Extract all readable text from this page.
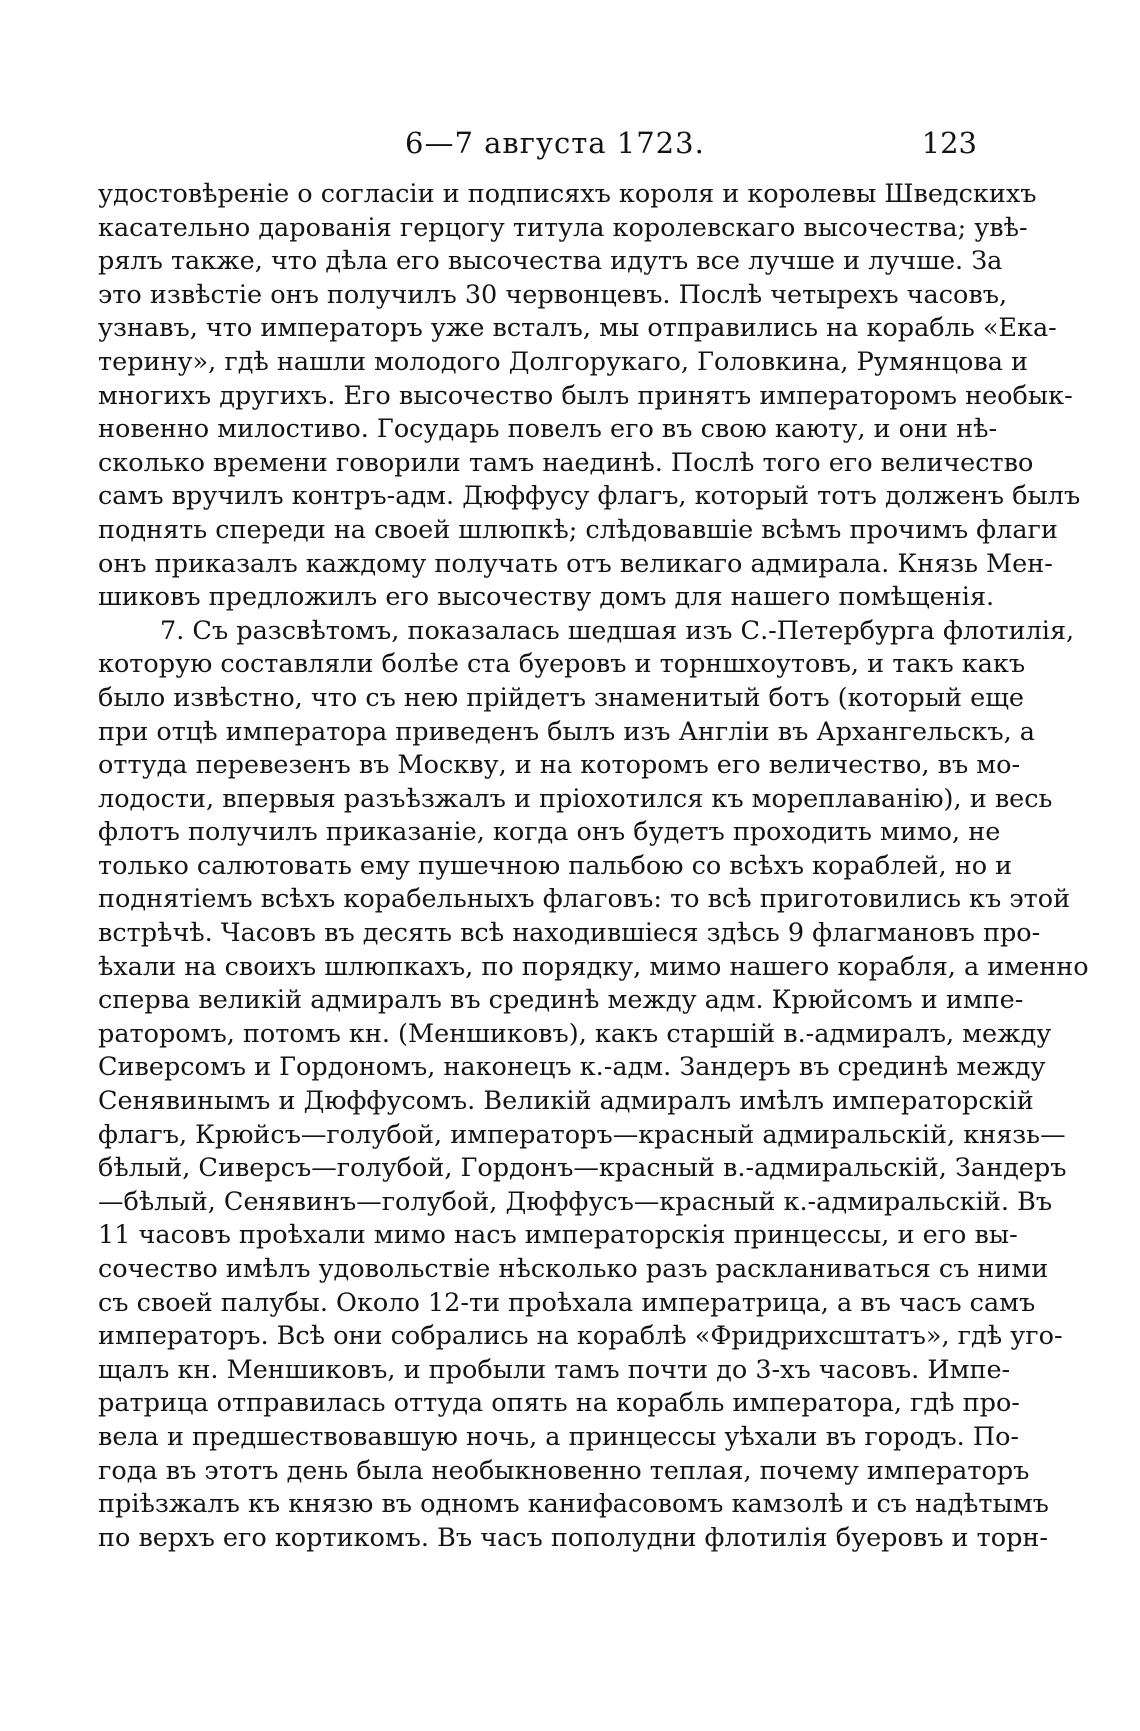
6—7 августа 1723.	123
удостовѣреніе о согласіи и подписяхъ короля и королевы Шведскихъ
касательно дарованія герцогу титула королевскаго высочества; увѣ-
рялъ также, что дѣла его высочества идутъ все лучше и лучше. За
это извѣстіе онъ получилъ 30 червонцевъ. Послѣ четырехъ часовъ,
узнавъ, что императоръ уже всталъ, мы отправились на корабль «Ека-
терину», гдѣ нашли молодого Долгорукаго, Головкина, Румянцова и
многихъ другихъ. Его высочество былъ принятъ императоромъ необык-
новенно милостиво. Государь повелъ его въ свою каюту, и они нѣ-
сколько времени говорили тамъ наединѣ. Послѣ того его величество
самъ вручилъ контръ-адм. Дюффусу флагъ, который тотъ долженъ былъ
поднять спереди на своей шлюпкѣ; слѣдовавшіе всѣмъ прочимъ флаги
онъ приказалъ каждому получать отъ великаго адмирала. Князь Мен-
шиковъ предложилъ его высочеству домъ для нашего помѣщенія.
7. Съ разсвѣтомъ, показалась шедшая изъ С.-Петербурга флотилія,
которую составляли болѣе ста буеровъ и торншхоутовъ, и такъ какъ
было извѣстно, что съ нею прійдетъ знаменитый ботъ (который еще
при отцѣ императора приведенъ былъ изъ Англіи въ Архангельскъ, а
оттуда перевезенъ въ Москву, и на которомъ его величество, въ мо-
лодости, впервыя разъѣзжалъ и пріохотился къ мореплаванію), и весь
флотъ получилъ приказаніе, когда онъ будетъ проходить мимо, не
только салютовать ему пушечною пальбою со всѣхъ кораблей, но и
поднятіемъ всѣхъ корабельныхъ флаговъ: то всѣ приготовились къ этой
встрѣчѣ. Часовъ въ десять всѣ находившіеся здѣсь 9 флагмановъ про-
ѣхали на своихъ шлюпкахъ, по порядку, мимо нашего корабля, а именно
сперва великій адмиралъ въ срединѣ между адм. Крюйсомъ и импе-
раторомъ, потомъ кн. (Меншиковъ), какъ старшій в.-адмиралъ, между
Сиверсомъ и Гордономъ, наконецъ к.-адм. Зандеръ въ срединѣ между
Сенявинымъ и Дюффусомъ. Великій адмиралъ имѣлъ императорскій
флагъ, Крюйсъ—голубой, императоръ—красный адмиральскій, князь—
бѣлый, Сиверсъ—голубой, Гордонъ—красный в.-адмиральскій, Зандеръ
—бѣлый, Сенявинъ—голубой, Дюффусъ—красный к.-адмиральскій. Въ
11 часовъ проѣхали мимо насъ императорскія принцессы, и его вы-
сочество имѣлъ удовольствіе нѣсколько разъ раскланиваться съ ними
съ своей палубы. Около 12-ти проѣхала императрица, а въ часъ самъ
императоръ. Всѣ они собрались на кораблѣ «Фридрихсштатъ», гдѣ уго-
щалъ кн. Меншиковъ, и пробыли тамъ почти до 3-хъ часовъ. Импе-
ратрица отправилась оттуда опять на корабль императора, гдѣ про-
вела и предшествовавшую ночь, а принцессы уѣхали въ городъ. По-
года въ этотъ день была необыкновенно теплая, почему императоръ
пріѣзжалъ къ князю въ одномъ канифасовомъ камзолѣ и съ надѣтымъ
по верхъ его кортикомъ. Въ часъ пополудни флотилія буеровъ и торн-
